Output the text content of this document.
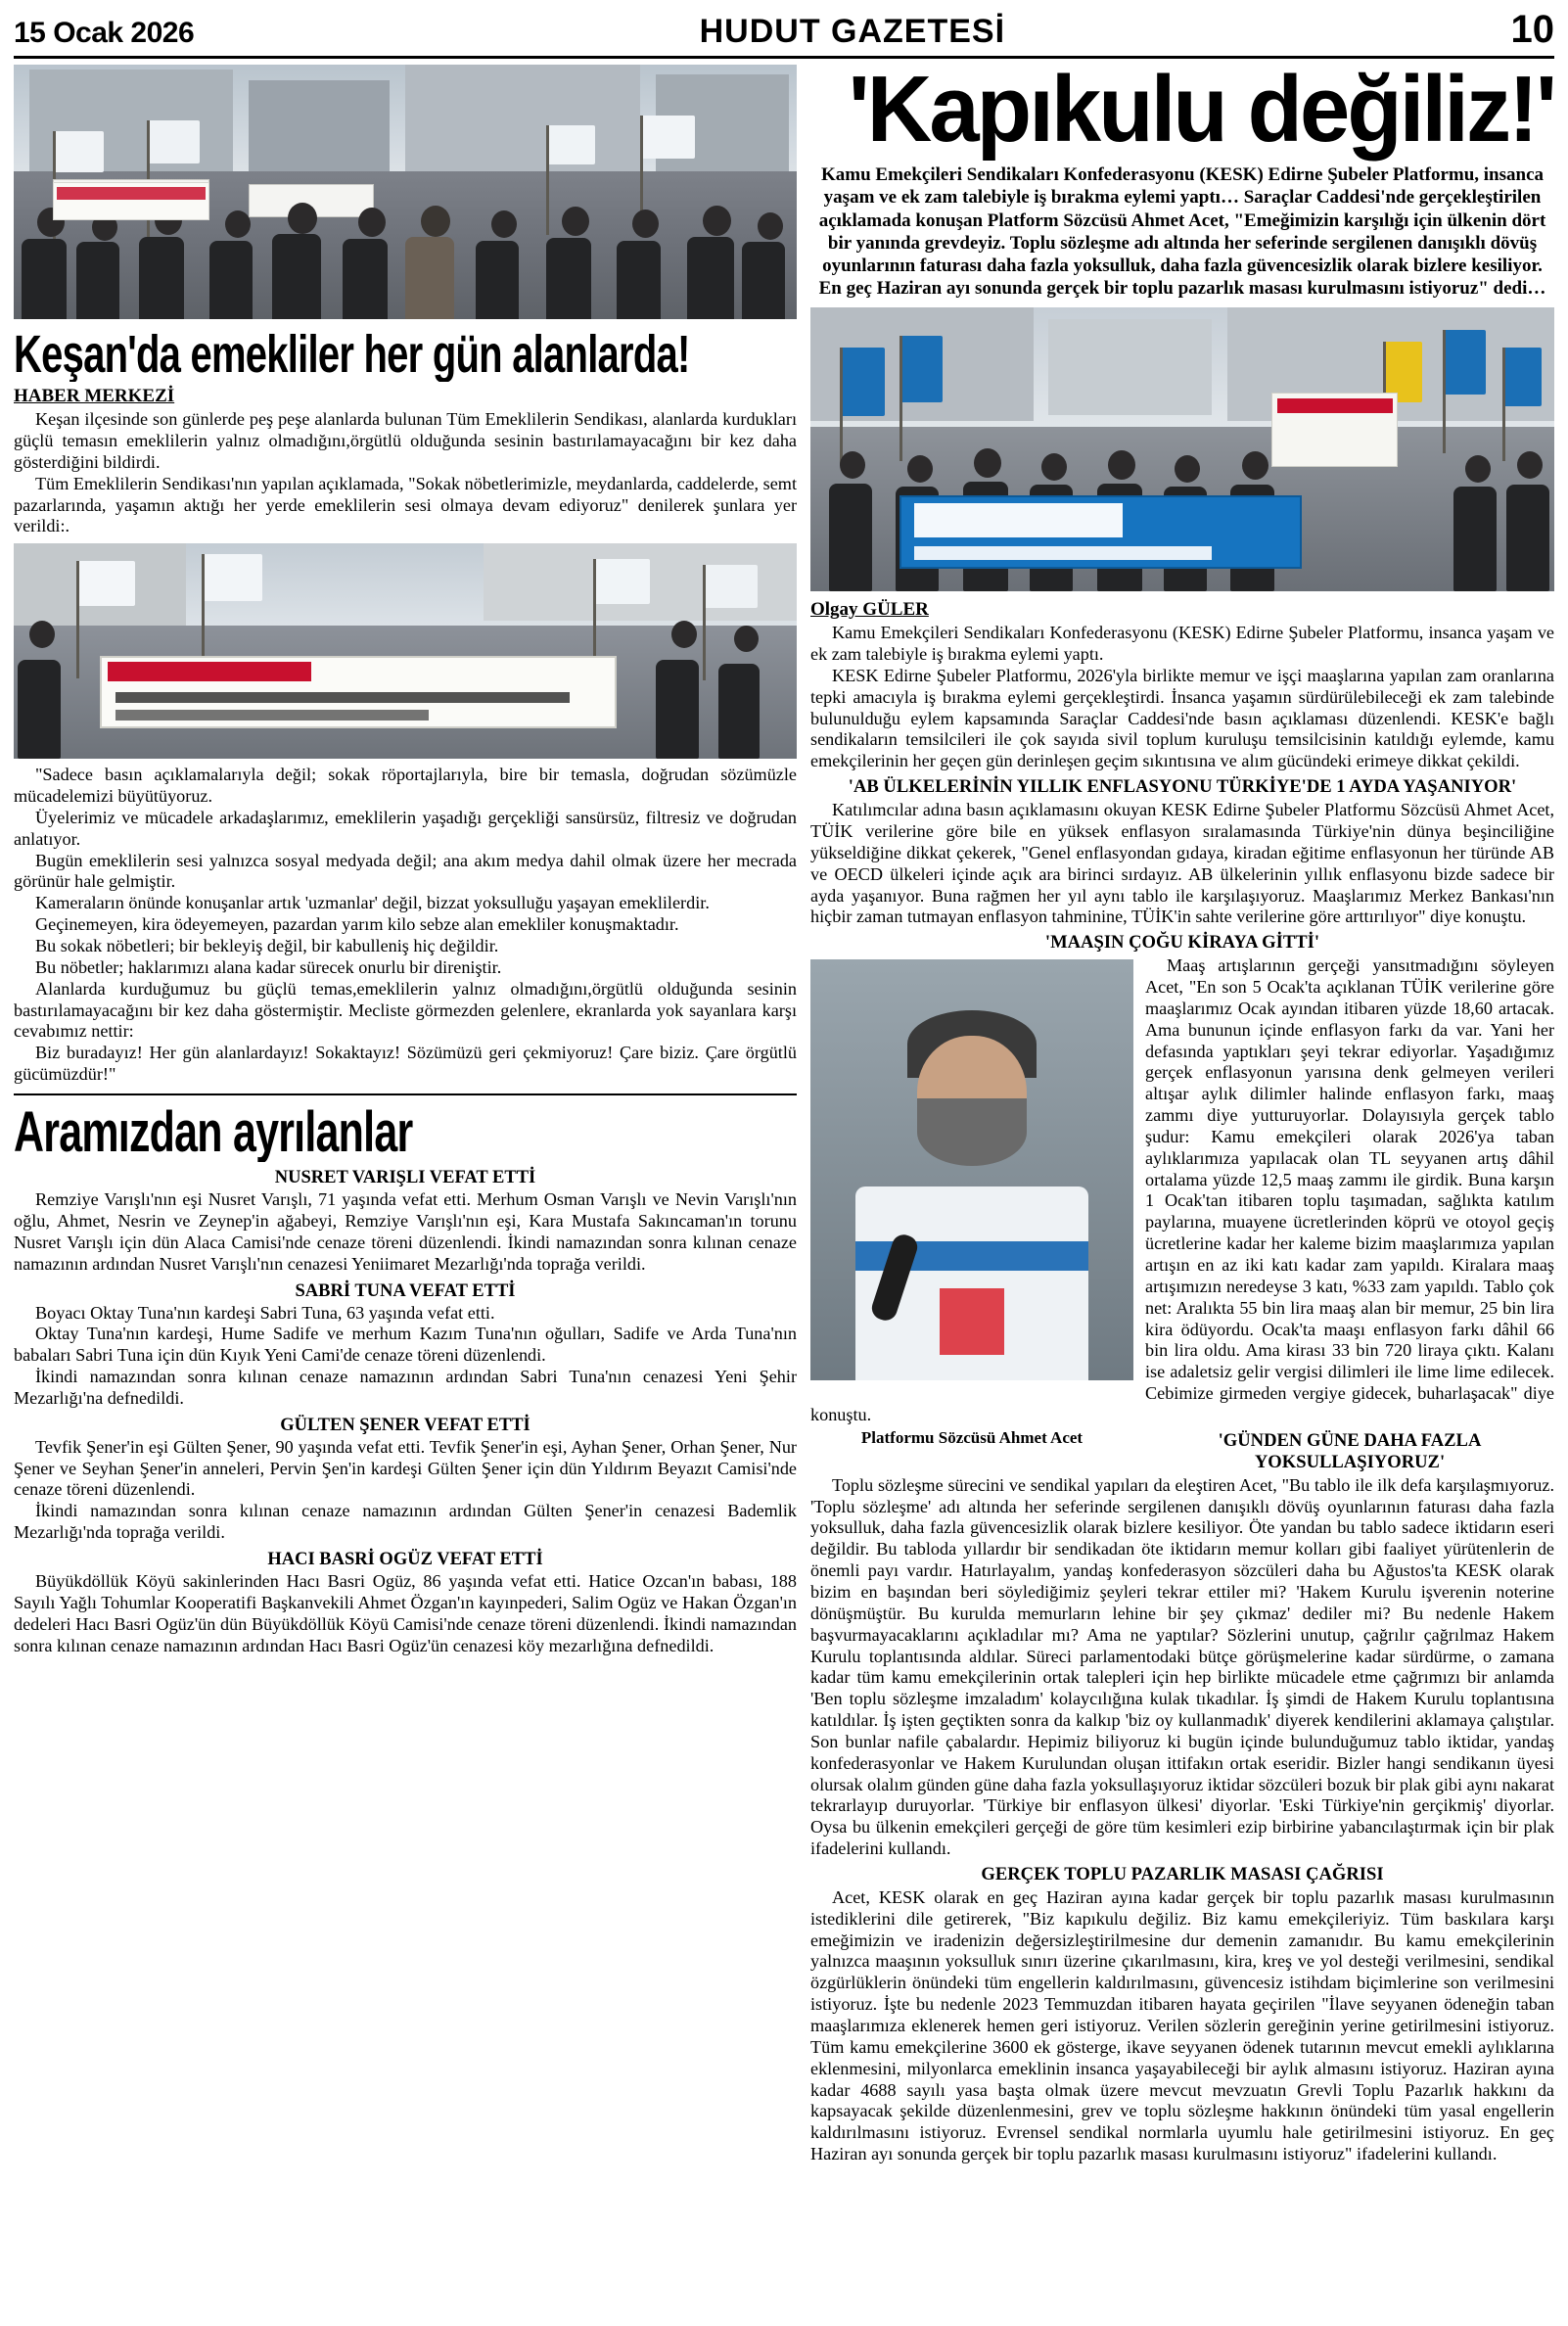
15 Ocak 2026	HUDUT GAZETESİ	10
Keşan'da emekliler her gün alanlarda!
HABER MERKEZİ

Keşan ilçesinde son günlerde peş peşe alanlarda bulunan Tüm Emeklilerin Sendikası, alanlarda kurdukları güçlü temasın emeklilerin yalnız olmadığını,örgütlü olduğunda sesinin bastırılamayacağını bir kez daha gösterdiğini bildirdi.

Tüm Emeklilerin Sendikası'nın yapılan açıklamada, "Sokak nöbetlerimizle, meydanlarda, caddelerde, semt pazarlarında, yaşamın aktığı her yerde emeklilerin sesi olmaya devam ediyoruz" denilerek şunlara yer verildi:.

"Sadece basın açıklamalarıyla değil; sokak röportajlarıyla, bire bir temasla, doğrudan sözümüzle mücadelemizi büyütüyoruz.

Üyelerimiz ve mücadele arkadaşlarımız, emeklilerin yaşadığı gerçekliği sansürsüz, filtresiz ve doğrudan anlatıyor.

Bugün emeklilerin sesi yalnızca sosyal medyada değil; ana akım medya dahil olmak üzere her mecrada görünür hale gelmiştir.

Kameraların önünde konuşanlar artık 'uzmanlar' değil, bizzat yoksulluğu yaşayan emeklilerdir.

Geçinemeyen, kira ödeyemeyen, pazardan yarım kilo sebze alan emekliler konuşmaktadır.

Bu sokak nöbetleri; bir bekleyiş değil, bir kabulleniş hiç değildir.

Bu nöbetler; haklarımızı alana kadar sürecek onurlu bir direniştir.

Alanlarda kurduğumuz bu güçlü temas,emeklilerin yalnız olmadığını,örgütlü olduğunda sesinin bastırılamayacağını bir kez daha göstermiştir. Mecliste görmezden gelenlere, ekranlarda yok sayanlara karşı cevabımız nettir:

Biz buradayız! Her gün alanlardayız! Sokaktayız! Sözümüzü geri çekmiyoruz! Çare biziz. Çare örgütlü gücümüzdür!"

Aramızdan ayrılanlar
NUSRET VARIŞLI VEFAT ETTİ

Remziye Varışlı'nın eşi Nusret Varışlı, 71 yaşında vefat etti. Merhum Osman Varışlı ve Nevin Varışlı'nın oğlu, Ahmet, Nesrin ve Zeynep'in ağabeyi, Remziye Varışlı'nın eşi, Kara Mustafa Sakıncaman'ın torunu Nusret Varışlı için dün Alaca Camisi'nde cenaze töreni düzenlendi. İkindi namazından sonra kılınan cenaze namazının ardından Nusret Varışlı'nın cenazesi Yeniimaret Mezarlığı'nda toprağa verildi.

SABRİ TUNA VEFAT ETTİ

Boyacı Oktay Tuna'nın kardeşi Sabri Tuna, 63 yaşında vefat etti.

Oktay Tuna'nın kardeşi, Hume Sadife ve merhum Kazım Tuna'nın oğulları, Sadife ve Arda Tuna'nın babaları Sabri Tuna için dün Kıyık Yeni Cami'de cenaze töreni düzenlendi.

İkindi namazından sonra kılınan cenaze namazının ardından Sabri Tuna'nın cenazesi Yeni Şehir Mezarlığı'na defnedildi.

GÜLTEN ŞENER VEFAT ETTİ

Tevfik Şener'in eşi Gülten Şener, 90 yaşında vefat etti. Tevfik Şener'in eşi, Ayhan Şener, Orhan Şener, Nur Şener ve Seyhan Şener'in anneleri, Pervin Şen'in kardeşi Gülten Şener için dün Yıldırım Beyazıt Camisi'nde cenaze töreni düzenlendi.

İkindi namazından sonra kılınan cenaze namazının ardından Gülten Şener'in cenazesi Bademlik Mezarlığı'nda toprağa verildi.

HACI BASRİ OGÜZ VEFAT ETTİ

Büyükdöllük Köyü sakinlerinden Hacı Basri Ogüz, 86 yaşında vefat etti. Hatice Ozcan'ın babası, 188 Sayılı Yağlı Tohumlar Kooperatifi Başkanvekili Ahmet Özgan'ın kayınpederi, Salim Ogüz ve Hakan Özgan'ın dedeleri Hacı Basri Ogüz'ün dün Büyükdöllük Köyü Camisi'nde cenaze töreni düzenlendi. İkindi namazından sonra kılınan cenaze namazının ardından Hacı Basri Ogüz'ün cenazesi köy mezarlığına defnedildi.

'Kapıkulu değiliz!'
Kamu Emekçileri Sendikaları Konfederasyonu (KESK) Edirne Şubeler Platformu, insanca yaşam ve ek zam talebiyle iş bırakma eylemi yaptı… Saraçlar Caddesi'nde gerçekleştirilen açıklamada konuşan Platform Sözcüsü Ahmet Acet, "Emeğimizin karşılığı için ülkenin dört bir yanında grevdeyiz. Toplu sözleşme adı altında her seferinde sergilenen danışıklı dövüş oyunlarının faturası daha fazla yoksulluk, daha fazla güvencesizlik olarak bizlere kesiliyor. En geç Haziran ayı sonunda gerçek bir toplu pazarlık masası kurulmasını istiyoruz" dedi…
Olgay GÜLER

Kamu Emekçileri Sendikaları Konfederasyonu (KESK) Edirne Şubeler Platformu, insanca yaşam ve ek zam talebiyle iş bırakma eylemi yaptı.

KESK Edirne Şubeler Platformu, 2026'yla birlikte memur ve işçi maaşlarına yapılan zam oranlarına tepki amacıyla iş bırakma eylemi gerçekleştirdi. İnsanca yaşamın sürdürülebileceği ek zam talebinde bulunulduğu eylem kapsamında Saraçlar Caddesi'nde basın açıklaması düzenlendi. KESK'e bağlı sendikaların temsilcileri ile çok sayıda sivil toplum kuruluşu temsilcisinin katıldığı eylemde, kamu emekçilerinin her geçen gün derinleşen geçim sıkıntısına ve alım gücündeki erimeye dikkat çekildi.

'AB ÜLKELERİNİN YILLIK ENFLASYONU TÜRKİYE'DE 1 AYDA YAŞANIYOR'

Katılımcılar adına basın açıklamasını okuyan KESK Edirne Şubeler Platformu Sözcüsü Ahmet Acet, TÜİK verilerine göre bile en yüksek enflasyon sıralamasında Türkiye'nin dünya beşinciliğine yükseldiğine dikkat çekerek, "Genel enflasyondan gıdaya, kiradan eğitime enflasyonun her türünde AB ve OECD ülkeleri içinde açık ara birinci sırdayız. AB ülkelerinin yıllık enflasyonu bizde sadece bir ayda yaşanıyor. Buna rağmen her yıl aynı tablo ile karşılaşıyoruz. Maaşlarımız Merkez Bankası'nın hiçbir zaman tutmayan enflasyon tahminine, TÜİK'in sahte verilerine göre arttırılıyor" diye konuştu.

'MAAŞIN ÇOĞU KİRAYA GİTTİ'

Maaş artışlarının gerçeği yansıtmadığını söyleyen Acet, "En son 5 Ocak'ta açıklanan TÜİK verilerine göre maaşlarımız Ocak ayından itibaren yüzde 18,60 artacak. Ama bununun içinde enflasyon farkı da var. Yani her defasında yaptıkları şeyi tekrar ediyorlar. Yaşadığımız gerçek enflasyonun yarısına denk gelmeyen verileri altışar aylık dilimler halinde enflasyon farkı, maaş zammı diye yutturuyorlar. Dolayısıyla gerçek tablo şudur: Kamu emekçileri olarak 2026'ya taban aylıklarımıza yapılacak olan TL seyyanen artış dâhil ortalama yüzde 12,5 maaş zammı ile girdik. Buna karşın 1 Ocak'tan itibaren toplu taşımadan, sağlıkta katılım paylarına, muayene ücretlerinden köprü ve otoyol geçiş ücretlerine kadar her kaleme bizim maaşlarımıza yapılan artışın en az iki katı kadar zam yapıldı. Kiralara maaş artışımızın neredeyse 3 katı, %33 zam yapıldı. Tablo çok net: Aralıkta 55 bin lira maaş alan bir memur, 25 bin lira kira ödüyordu. Ocak'ta maaşı enflasyon farkı dâhil 66 bin lira oldu. Ama kirası 33 bin 720 liraya çıktı. Kalanı ise adaletsiz gelir vergisi dilimleri ile lime lime edilecek. Cebimize girmeden vergiye gidecek, buharlaşacak" diye konuştu.

Platformu Sözcüsü Ahmet Acet	'GÜNDEN GÜNE DAHA FAZLA YOKSULLAŞIYORUZ'

Toplu sözleşme sürecini ve sendikal yapıları da eleştiren Acet, "Bu tablo ile ilk defa karşılaşmıyoruz. 'Toplu sözleşme' adı altında her seferinde sergilenen danışıklı dövüş oyunlarının faturası daha fazla yoksulluk, daha fazla güvencesizlik olarak bizlere kesiliyor. Öte yandan bu tablo sadece iktidarın eseri değildir. Bu tabloda yıllardır bir sendikadan öte iktidarın memur kolları gibi faaliyet yürütenlerin de önemli payı vardır. Hatırlayalım, yandaş konfederasyon sözcüleri daha bu Ağustos'ta KESK olarak bizim en başından beri söylediğimiz şeyleri tekrar ettiler mi? 'Hakem Kurulu işverenin noterine dönüşmüştür. Bu kurulda memurların lehine bir şey çıkmaz' dediler mi? Bu nedenle Hakem başvurmayacaklarını açıkladılar mı? Ama ne yaptılar? Sözlerini unutup, çağrılır çağrılmaz Hakem Kurulu toplantısında aldılar. Süreci parlamentodaki bütçe görüşmelerine kadar sürdürme, o zamana kadar tüm kamu emekçilerinin ortak talepleri için hep birlikte mücadele etme çağrımızı bir anlamda 'Ben toplu sözleşme imzaladım' kolaycılığına kulak tıkadılar. İş şimdi de Hakem Kurulu toplantısına katıldılar. İş işten geçtikten sonra da kalkıp 'biz oy kullanmadık' diyerek kendilerini aklamaya çalıştılar. Son bunlar nafile çabalardır. Hepimiz biliyoruz ki bugün içinde bulunduğumuz tablo iktidar, yandaş konfederasyonlar ve Hakem Kurulundan oluşan ittifakın ortak eseridir. Bizler hangi sendikanın üyesi olursak olalım günden güne daha fazla yoksullaşıyoruz iktidar sözcüleri bozuk bir plak gibi aynı nakarat tekrarlayıp duruyorlar. 'Türkiye bir enflasyon ülkesi' diyorlar. 'Eski Türkiye'nin gerçikmiş' diyorlar. Oysa bu ülkenin emekçileri gerçeği de göre tüm kesimleri ezip birbirine yabancılaştırmak için bir plak ifadelerini kullandı.

GERÇEK TOPLU PAZARLIK MASASI ÇAĞRISI

Acet, KESK olarak en geç Haziran ayına kadar gerçek bir toplu pazarlık masası kurulmasının istediklerini dile getirerek, "Biz kapıkulu değiliz. Biz kamu emekçileriyiz. Tüm baskılara karşı emeğimizin ve iradenizin değersizleştirilmesine dur demenin zamanıdır. Bu kamu emekçilerinin yalnızca maaşının yoksulluk sınırı üzerine çıkarılmasını, kira, kreş ve yol desteği verilmesini, sendikal özgürlüklerin önündeki tüm engellerin kaldırılmasını, güvencesiz istihdam biçimlerine son verilmesini istiyoruz. İşte bu nedenle 2023 Temmuzdan itibaren hayata geçirilen "İlave seyyanen ödeneğin taban maaşlarımıza eklenerek hemen geri istiyoruz. Verilen sözlerin gereğinin yerine getirilmesini istiyoruz. Tüm kamu emekçilerine 3600 ek gösterge, ikave seyyanen ödenek tutarının mevcut emekli aylıklarına eklenmesini, milyonlarca emeklinin insanca yaşayabileceği bir aylık almasını istiyoruz. Haziran ayına kadar 4688 sayılı yasa başta olmak üzere mevcut mevzuatın Grevli Toplu Pazarlık hakkını da kapsayacak şekilde düzenlenmesini, grev ve toplu sözleşme hakkının önündeki tüm yasal engellerin kaldırılmasını istiyoruz. Evrensel sendikal normlarla uyumlu hale getirilmesini istiyoruz. En geç Haziran ayı sonunda gerçek bir toplu pazarlık masası kurulmasını istiyoruz" ifadelerini kullandı.
